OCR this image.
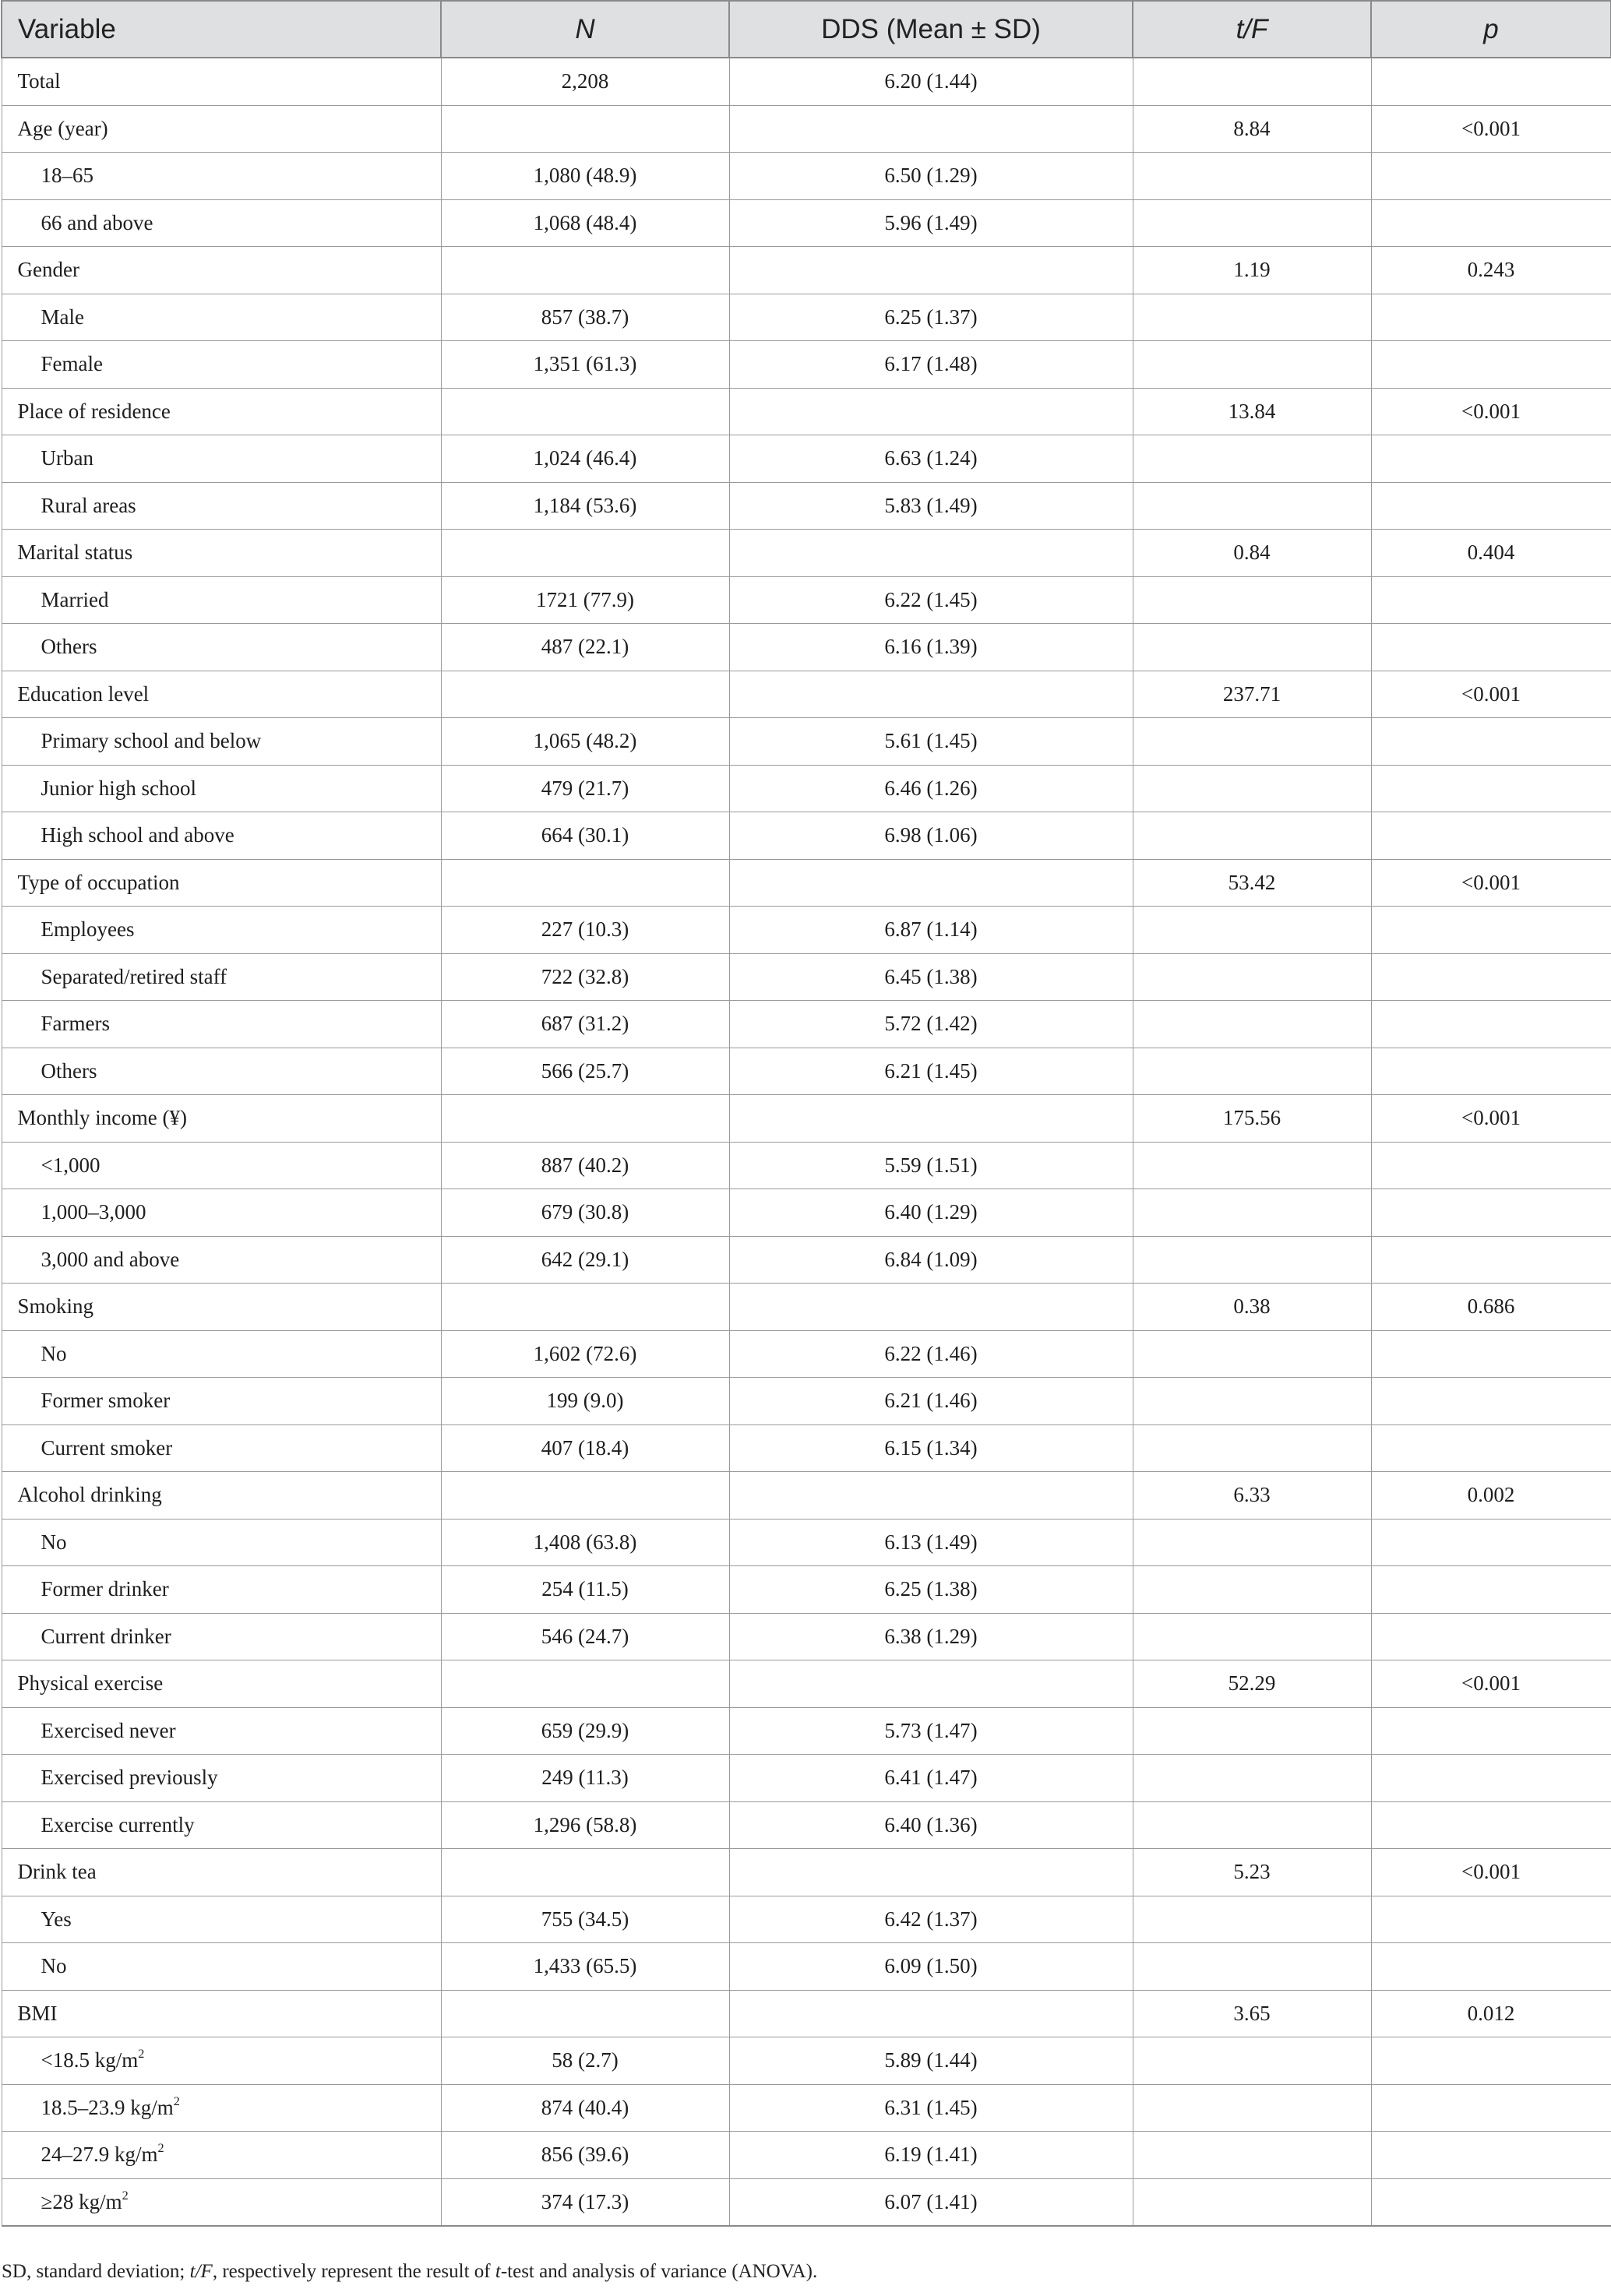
Variable	N	DDS (Mean ± SD)	t/F	p
Total	2,208	6.20 (1.44)		
Age (year)			8.84	<0.001
18–65	1,080 (48.9)	6.50 (1.29)		
66 and above	1,068 (48.4)	5.96 (1.49)		
Gender			1.19	0.243
Male	857 (38.7)	6.25 (1.37)		
Female	1,351 (61.3)	6.17 (1.48)		
Place of residence			13.84	<0.001
Urban	1,024 (46.4)	6.63 (1.24)		
Rural areas	1,184 (53.6)	5.83 (1.49)		
Marital status			0.84	0.404
Married	1721 (77.9)	6.22 (1.45)		
Others	487 (22.1)	6.16 (1.39)		
Education level			237.71	<0.001
Primary school and below	1,065 (48.2)	5.61 (1.45)		
Junior high school	479 (21.7)	6.46 (1.26)		
High school and above	664 (30.1)	6.98 (1.06)		
Type of occupation			53.42	<0.001
Employees	227 (10.3)	6.87 (1.14)		
Separated/retired staff	722 (32.8)	6.45 (1.38)		
Farmers	687 (31.2)	5.72 (1.42)		
Others	566 (25.7)	6.21 (1.45)		
Monthly income (¥)			175.56	<0.001
<1,000	887 (40.2)	5.59 (1.51)		
1,000–3,000	679 (30.8)	6.40 (1.29)		
3,000 and above	642 (29.1)	6.84 (1.09)		
Smoking			0.38	0.686
No	1,602 (72.6)	6.22 (1.46)		
Former smoker	199 (9.0)	6.21 (1.46)		
Current smoker	407 (18.4)	6.15 (1.34)		
Alcohol drinking			6.33	0.002
No	1,408 (63.8)	6.13 (1.49)		
Former drinker	254 (11.5)	6.25 (1.38)		
Current drinker	546 (24.7)	6.38 (1.29)		
Physical exercise			52.29	<0.001
Exercised never	659 (29.9)	5.73 (1.47)		
Exercised previously	249 (11.3)	6.41 (1.47)		
Exercise currently	1,296 (58.8)	6.40 (1.36)		
Drink tea			5.23	<0.001
Yes	755 (34.5)	6.42 (1.37)		
No	1,433 (65.5)	6.09 (1.50)		
BMI			3.65	0.012
<18.5 $kg/m^2$	58 (2.7)	5.89 (1.44)		
18.5–23.9 $kg/m^2$	874 (40.4)	6.31 (1.45)		
24–27.9 $kg/m^2$	856 (39.6)	6.19 (1.41)		
≥28 $kg/m^2$	374 (17.3)	6.07 (1.41)		
SD, standard deviation; t/F, respectively represent the result of t-test and analysis of variance (ANOVA).
